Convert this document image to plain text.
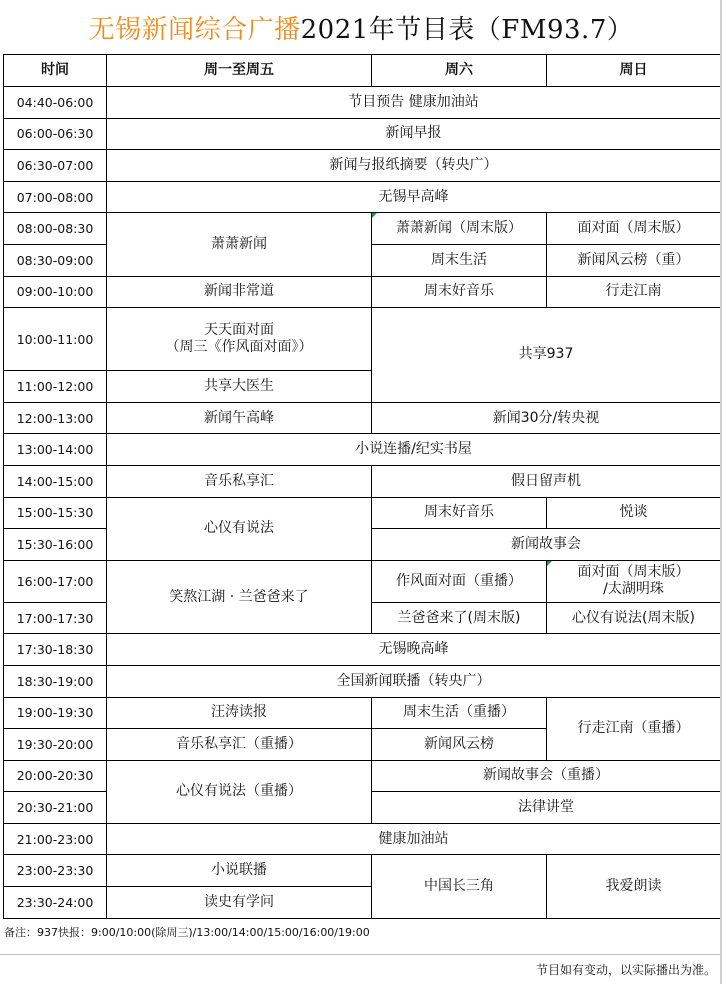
无锡新闻综合广播 2021年节目表（FM93.7）
时间	周一至周五	周六	周日
04:40-06:00	节目预告 健康加油站		
06:00-06:30	新闻早报		
06:30-07:00	新闻与报纸摘要（转央广）		
07:00-08:00	无锡早高峰		
08:00-08:30	萧萧新闻	萧萧新闻（周末版）	面对面（周末版）
08:30-09:00		周末生活	新闻风云榜（重）
09:00-10:00	新闻非常道	周末好音乐	行走江南
10:00-11:00	天天面对面
（周三《作风面对面》）	共享937	
11:00-12:00	共享大医生		
12:00-13:00	新闻午高峰	新闻30分/转央视	
13:00-14:00	小说连播/纪实书屋		
14:00-15:00	音乐私享汇	假日留声机	
15:00-15:30	心仪有说法	周末好音乐	悦谈
15:30-16:00		新闻故事会	
16:00-17:00	笑熬江湖 · 兰爸爸来了	作风面对面（重播）	面对面（周末版）
/太湖明珠

17:00-17:30		兰爸爸来了(周末版)	心仪有说法(周末版)
17:30-18:30	无锡晚高峰		
18:30-19:00	全国新闻联播（转央广）		
19:00-19:30	汪涛读报	周末生活（重播）	行走江南（重播）
19:30-20:00	音乐私享汇（重播）	新闻风云榜	
20:00-20:30	心仪有说法（重播）	新闻故事会（重播）	
20:30-21:00		法律讲堂	
21:00-23:00	健康加油站		
23:00-23:30	小说联播	中国长三角	我爱朗读
23:30-24:00	读史有学问		
备注：937快报：9:00/10:00(除周三)/13:00/14:00/15:00/16:00/19:00
节目如有变动，以实际播出为准。
